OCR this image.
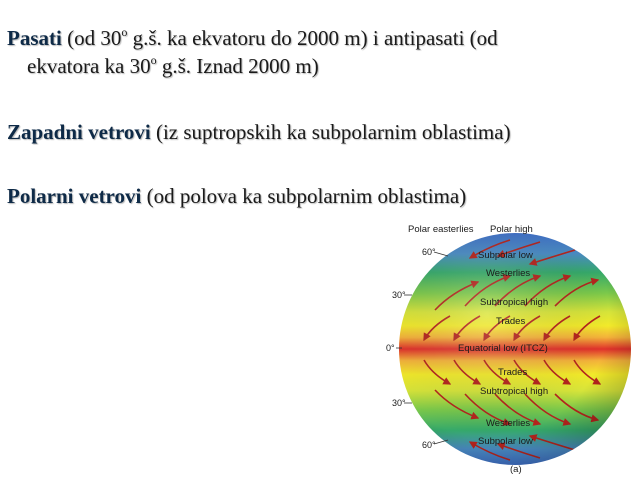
Pasati (od 30$^o$ g.š. ka ekvatoru do 2000 m) i antipasati (od
ekvatora ka 30$^o$ g.š. Iznad 2000 m)
Zapadni vetrovi (iz suptropskih ka subpolarnim oblastima)
Polarni vetrovi (od polova ka subpolarnim oblastima)
60°
30°
0°
30°
60°
Polar easterlies Polar high
Subpolar low
Westerlies
Subtropical high
Trades
Equatorial low (ITCZ)
Trades
Subtropical high
Westerlies
Subpolar low
(a)
